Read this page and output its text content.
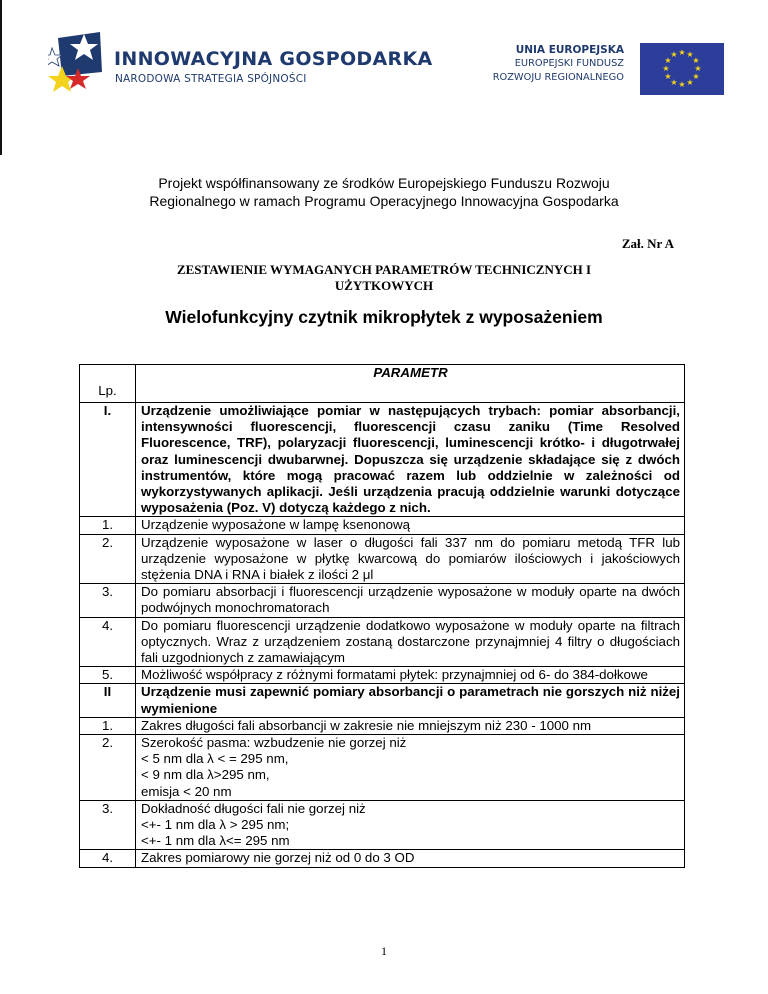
INNOWACYJNA GOSPODARKA
NARODOWA STRATEGIA SPÓJNOŚCI
UNIA EUROPEJSKA
EUROPEJSKI FUNDUSZ
ROZWOJU REGIONALNEGO
★ ★
★
★
★
★
★
★
★
★
★
★
Projekt współfinansowany ze środków Europejskiego Funduszu Rozwoju
Regionalnego w ramach Programu Operacyjnego Innowacyjna Gospodarka
Zał. Nr A
ZESTAWIENIE WYMAGANYCH PARAMETRÓW TECHNICZNYCH I
UŻYTKOWYCH
Wielofunkcyjny czytnik mikropłytek z wyposażeniem
Lp.	PARAMETR
I.	Urządzenie umożliwiające pomiar w następujących trybach: pomiar absorbancji, intensywności fluorescencji, fluorescencji czasu zaniku (Time Resolved Fluorescence, TRF), polaryzacji fluorescencji, luminescencji krótko- i długotrwałej oraz luminescencji dwubarwnej. Dopuszcza się urządzenie składające się z dwóch instrumentów, które mogą pracować razem lub oddzielnie w zależności od wykorzystywanych aplikacji. Jeśli urządzenia pracują oddzielnie warunki dotyczące wyposażenia (Poz. V) dotyczą każdego z nich.
1.	Urządzenie wyposażone w lampę ksenonową
2.	Urządzenie wyposażone w laser o długości fali 337 nm do pomiaru metodą TFR lub urządzenie wyposażone w płytkę kwarcową do pomiarów ilościowych i jakościowych stężenia DNA i RNA i białek z ilości 2 μl
3.	Do pomiaru absorbacji i fluorescencji urządzenie wyposażone w moduły oparte na dwóch podwójnych monochromatorach
4.	Do pomiaru fluorescencji urządzenie dodatkowo wyposażone w moduły oparte na filtrach optycznych. Wraz z urządzeniem zostaną dostarczone przynajmniej 4 filtry o długościach fali uzgodnionych z zamawiającym
5.	Możliwość współpracy z różnymi formatami płytek: przynajmniej od 6- do 384-dołkowe
II	Urządzenie musi zapewnić pomiary absorbancji o parametrach nie gorszych niż niżej wymienione
1.	Zakres długości fali absorbancji w zakresie nie mniejszym niż 230 - 1000 nm
2.	Szerokość pasma: wzbudzenie nie gorzej niż
< 5 nm dla λ < = 295 nm,
< 9 nm dla λ>295 nm,
emisja < 20 nm

3.	Dokładność długości fali nie gorzej niż
<+- 1 nm dla λ > 295 nm;
<+- 1 nm dla λ<= 295 nm

4.	Zakres pomiarowy nie gorzej niż od 0 do 3 OD
1
